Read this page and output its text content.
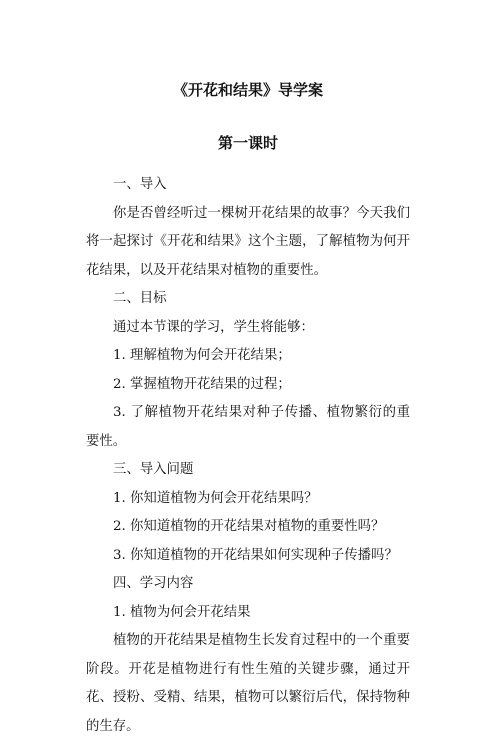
《开花和结果》导学案
第一课时

一、导入

你是否曾经听过一棵树开花结果的故事？今天我们将一起探讨《开花和结果》这个主题，了解植物为何开花结果，以及开花结果对植物的重要性。

二、目标

通过本节课的学习，学生将能够：

1. 理解植物为何会开花结果；

2. 掌握植物开花结果的过程；

3. 了解植物开花结果对种子传播、植物繁衍的重要性。

三、导入问题

1. 你知道植物为何会开花结果吗？

2. 你知道植物的开花结果对植物的重要性吗？

3. 你知道植物的开花结果如何实现种子传播吗？

四、学习内容

1. 植物为何会开花结果

植物的开花结果是植物生长发育过程中的一个重要阶段。开花是植物进行有性生殖的关键步骤，通过开花、授粉、受精、结果，植物可以繁衍后代，保持物种的生存。
